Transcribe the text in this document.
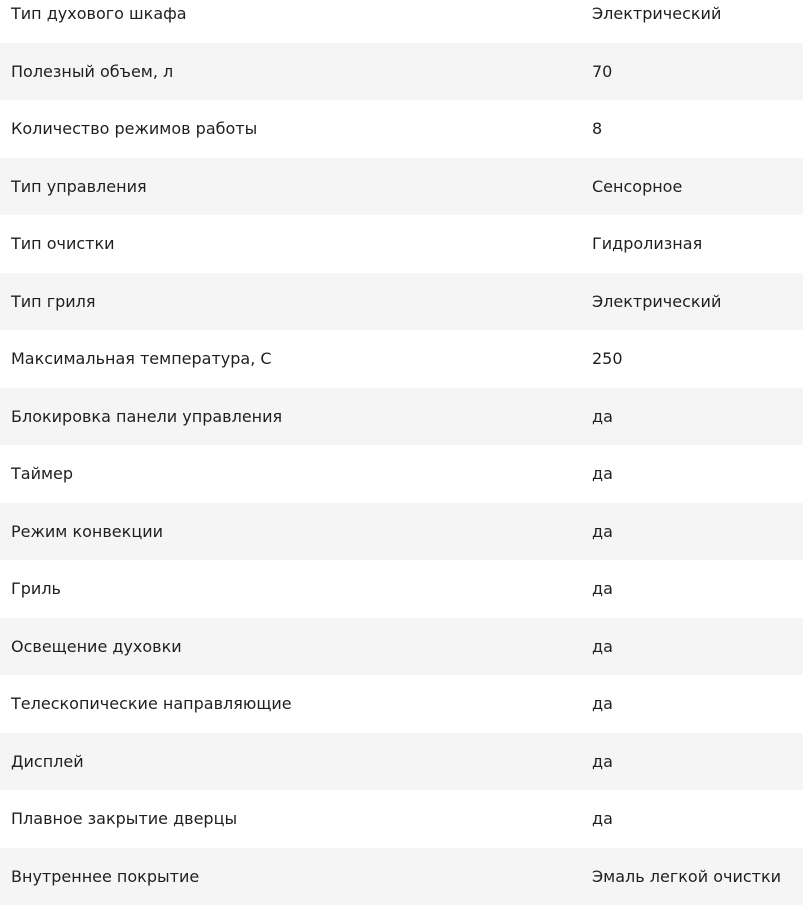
Тип духового шкафа	Электрический
Полезный объем, л	70
Количество режимов работы	8
Тип управления	Сенсорное
Тип очистки	Гидролизная
Тип гриля	Электрический
Максимальная температура, С	250
Блокировка панели управления	да
Таймер	да
Режим конвекции	да
Гриль	да
Освещение духовки	да
Телескопические направляющие	да
Дисплей	да
Плавное закрытие дверцы	да
Внутреннее покрытие	Эмаль легкой очистки
